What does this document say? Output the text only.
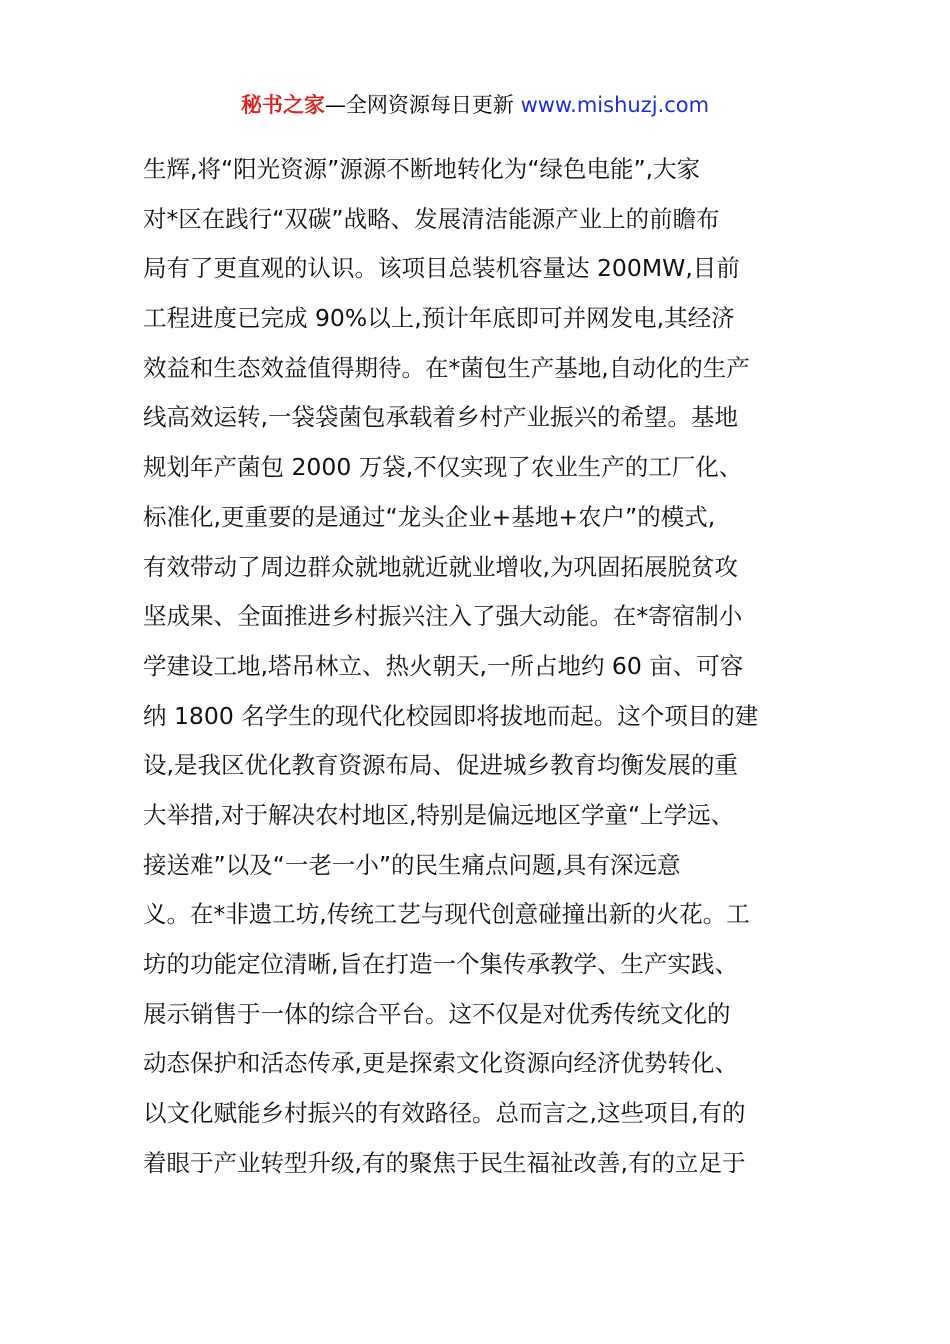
秘书之家—全网资源每日更新 www.mishuzj.com
生辉,将“阳光资源”源源不断地转化为“绿色电能”,大家
对*区在践行“双碳”战略、发展清洁能源产业上的前瞻布
局有了更直观的认识。该项目总装机容量达 200MW,目前
工程进度已完成 90%以上,预计年底即可并网发电,其经济
效益和生态效益值得期待。在*菌包生产基地,自动化的生产
线高效运转,一袋袋菌包承载着乡村产业振兴的希望。基地
规划年产菌包 2000 万袋,不仅实现了农业生产的工厂化、
标准化,更重要的是通过“龙头企业+基地+农户”的模式,
有效带动了周边群众就地就近就业增收,为巩固拓展脱贫攻
坚成果、全面推进乡村振兴注入了强大动能。在*寄宿制小
学建设工地,塔吊林立、热火朝天,一所占地约 60 亩、可容
纳 1800 名学生的现代化校园即将拔地而起。这个项目的建
设,是我区优化教育资源布局、促进城乡教育均衡发展的重
大举措,对于解决农村地区,特别是偏远地区学童“上学远、
接送难”以及“一老一小”的民生痛点问题,具有深远意
义。在*非遗工坊,传统工艺与现代创意碰撞出新的火花。工
坊的功能定位清晰,旨在打造一个集传承教学、生产实践、
展示销售于一体的综合平台。这不仅是对优秀传统文化的
动态保护和活态传承,更是探索文化资源向经济优势转化、
以文化赋能乡村振兴的有效路径。总而言之,这些项目,有的
着眼于产业转型升级,有的聚焦于民生福祉改善,有的立足于
